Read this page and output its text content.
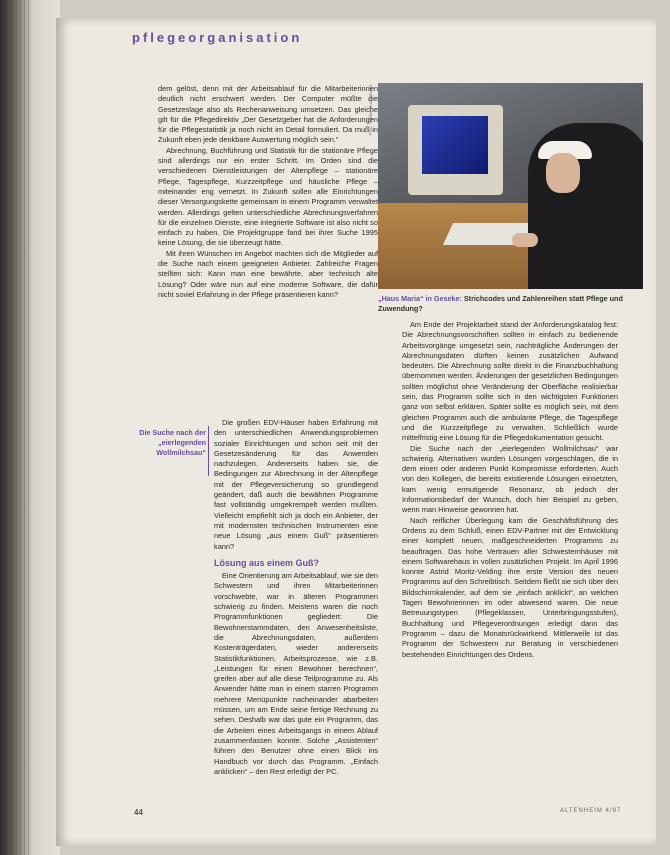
pflegeorganisation

dem gelöst, denn mit der Arbeitsablauf für die Mitarbeiterinnen deutlich nicht erschwert werden. Der Computer müßte die Gesetzeslage also als Rechenanweisung umsetzen. Das gleiche gilt für die Pflegedirektiv „Der Gesetzgeber hat die Anforderungen für die Pflegestatistik ja noch nicht im Detail formuliert. Da muß in Zukunft eben jede denkbare Auswertung möglich sein.“

Abrechnung, Buchführung und Statistik für die stationäre Pflege sind allerdings nur ein erster Schritt. Im Orden sind die verschiedenen Dienstleistungen der Altenpflege – stationäre Pflege, Tagespflege, Kurzzeitpflege und häusliche Pflege – miteinander eng vernetzt. In Zukunft sollen alle Einrichtungen dieser Versorgungskette gemeinsam in einem Programm verwaltet werden. Allerdings gelten unterschiedliche Abrechnungsverfahren für die einzelnen Dienste, eine integrierte Software ist also nicht so einfach zu haben. Die Projektgruppe fand bei ihrer Suche 1995 keine Lösung, die sie überzeugt hätte.

Mit ihren Wünschen im Angebot machten sich die Mitglieder auf die Suche nach einem geeigneten Anbieter. Zahlreiche Fragen stellten sich: Kann man eine bewährte, aber technisch alte Lösung? Oder wäre nun auf eine moderne Software, die dafür nicht soviel Erfahrung in der Pflege präsentieren kann?

Die Suche nach der „eierlegenden Wollmilchsau“

Die großen EDV-Häuser haben Erfahrung mit den unterschiedlichen Anwendungsproblemen sozialer Einrichtungen und schon seit mit der Gesetzesänderung für das Anwenden nachzulegen. Andererseits haben sie, die Bedingungen zur Abrechnung in der Altenpflege mit der Pflegeversicherung so grundlegend geändert, daß auch die bewährten Programme fast vollständig umgekrempelt werden mußten. Vielleicht empfiehlt sich ja doch ein Anbieter, der mit modernsten technischen Instrumenten eine neue Lösung „aus einem Guß“ präsentieren kann?

Lösung aus einem Guß?

Eine Orientierung am Arbeitsablauf, wie sie den Schwestern und ihren Mitarbeiterinnen vorschwebte, war in älteren Programmen schwierig zu finden. Meistens waren die noch Programmfunktionen gegliedert: Die Bewohnerstammdaten, den Anwesenheitsliste, die Abrechnungsdaten, außerdem Kostenträgerdaten, wieder andererseits Statistikfunktionen. Arbeitsprozesse, wie z.B. „Leistungen für einen Bewohner berechnen“, greifen aber auf alle diese Teilprogramme zu. Als Anwender hätte man in einem starren Programm mehrere Menüpunkte nacheinander abarbeiten müssen, um am Ende seine fertige Rechnung zu sehen. Deshalb war das gute ein Programm, das die Arbeiten eines Arbeitsgangs in einem Ablauf zusammenfassen konnte. Solche „Assistenten“ führen den Benutzer ohne einen Blick ins Handbuch vor durch das Programm. „Einfach anklicken“ – den Rest erledigt der PC.

Foto: Sabine Buschmann
„Haus Maria“ in Geseke: Strichcodes und Zahlenreihen statt Pflege und Zuwendung?

Am Ende der Projektarbeit stand der Anforderungskatalog fest: Die Abrechnungsvorschriften sollten in einfach zu bedienende Arbeitsvorgänge umgesetzt sein, nachträgliche Änderungen der Abrechnungsdaten dürften keinen zusätzlichen Aufwand bedeuten. Die Abrechnung sollte direkt in die Finanzbuchhaltung übernommen werden. Änderungen der gesetzlichen Bedingungen sollten möglichst ohne Veränderung der Oberfläche realisierbar sein, das Programm sollte sich in den wichtigsten Funktionen ganz von selbst erklären. Später sollte es möglich sein, mit dem gleichen Programm auch die ambulante Pflege, die Tagespflege und die Kurzzeitpflege zu verwalten. Schließlich wurde mittelfristig eine Lösung für die Pflegedokumentation gesucht.

Die Suche nach der „eierlegenden Wollmilchsau“ war schwierig. Alternativen wurden Lösungen vorgeschlagen, die in dem einen oder anderen Punkt Kompromisse erforderten. Auch von den Kollegen, die bereits existierende Lösungen einsetzten, kam wenig ermutigende Resonanz, ob jedoch der Informationsbedarf der Wunsch, doch hier Beispiel zu geben, wenn man Hinweise gewonnen hat.

Nach reiflicher Überlegung kam die Geschäftsführung des Ordens zu dem Schluß, einen EDV-Partner mit der Entwicklung einer komplett neuen, maßgeschneiderten Programms zu beauftragen. Das hohe Vertrauen aller Schwesternhäuser mit einem Softwarehaus in vollen zusätzlichen Projekt. Im April 1996 konnte Astrid Moritz-Velding ihre erste Version des neuen Programms auf den Schreibtisch. Seitdem fließt sie sich über den Bildschirmkalender, auf dem sie „einfach anklickt“, an welchen Tagen Bewohnerinnen im oder abwesend waren. Die neue Betreuungstypen (Pflegeklassen, Unterbringungsstufen), Buchhaltung und Pflegeverordnungen erledigt dann das Programm – dazu die Monatsrückwirkend. Mittlerweile ist das Programm der Schwestern zur Beratung in verschiedenen bestehenden Einrichtungen des Ordens.

44	ALTENHEIM 4/97
